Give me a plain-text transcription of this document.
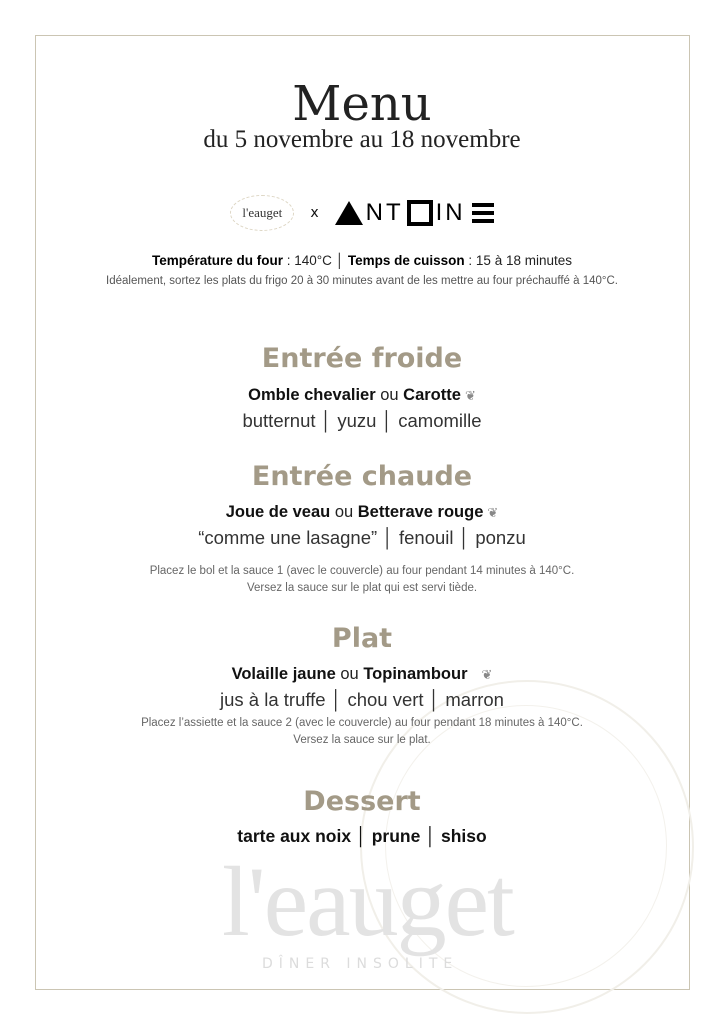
l'eauget
DÎNER INSOLITE
Menu
du 5 novembre au 18 novembre
l'eauget x NT IN
Température du four : 140°C │ Temps de cuisson : 15 à 18 minutes
Idéalement, sortez les plats du frigo 20 à 30 minutes avant de les mettre au four préchauffé à 140°C.
Entrée froide
Omble chevalier ou Carotte ❦
butternut │ yuzu │ camomille
Entrée chaude
Joue de veau ou Betterave rouge ❦
“comme une lasagne” │ fenouil │ ponzu
Placez le bol et la sauce 1 (avec le couvercle) au four pendant 14 minutes à 140°C.
Versez la sauce sur le plat qui est servi tiède.
Plat
Volaille jaune ou Topinambour ❦
jus à la truffe │ chou vert │ marron
Placez l’assiette et la sauce 2 (avec le couvercle) au four pendant 18 minutes à 140°C.
Versez la sauce sur le plat.
Dessert
tarte aux noix │ prune │ shiso
